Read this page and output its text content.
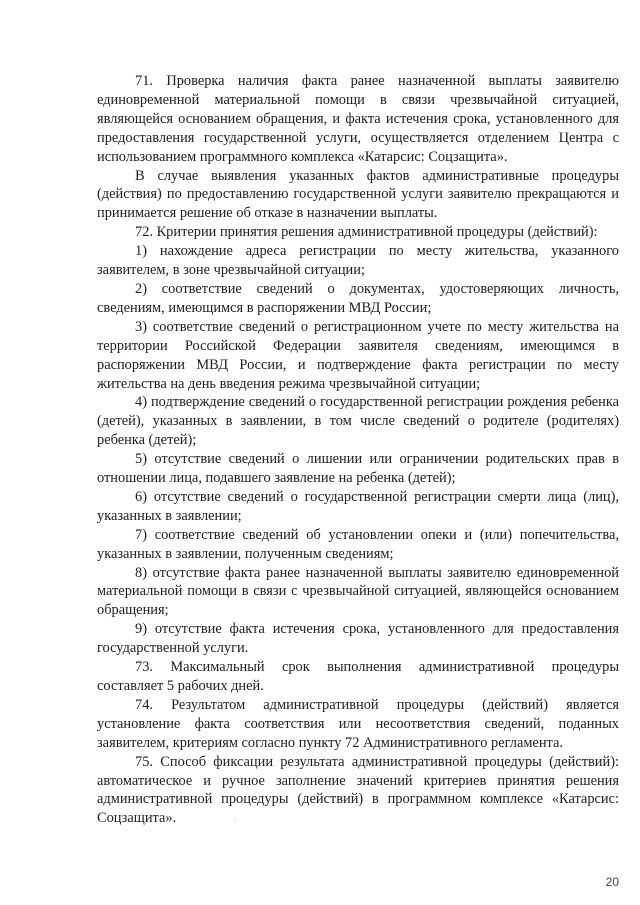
71. Проверка наличия факта ранее назначенной выплаты заявителю единовременной материальной помощи в связи чрезвычайной ситуацией, являющейся основанием обращения, и факта истечения срока, установленного для предоставления государственной услуги, осуществляется отделением Центра с использованием программного комплекса «Катарсис: Соцзащита».

В случае выявления указанных фактов административные процедуры (действия) по предоставлению государственной услуги заявителю прекращаются и принимается решение об отказе в назначении выплаты.

72. Критерии принятия решения административной процедуры (действий):

1) нахождение адреса регистрации по месту жительства, указанного заявителем, в зоне чрезвычайной ситуации;

2) соответствие сведений о документах, удостоверяющих личность, сведениям, имеющимся в распоряжении МВД России;

3) соответствие сведений о регистрационном учете по месту жительства на территории Российской Федерации заявителя сведениям, имеющимся в распоряжении МВД России, и подтверждение факта регистрации по месту жительства на день введения режима чрезвычайной ситуации;

4) подтверждение сведений о государственной регистрации рождения ребенка (детей), указанных в заявлении, в том числе сведений о родителе (родителях) ребенка (детей);

5) отсутствие сведений о лишении или ограничении родительских прав в отношении лица, подавшего заявление на ребенка (детей);

6) отсутствие сведений о государственной регистрации смерти лица (лиц), указанных в заявлении;

7) соответствие сведений об установлении опеки и (или) попечительства, указанных в заявлении, полученным сведениям;

8) отсутствие факта ранее назначенной выплаты заявителю единовременной материальной помощи в связи с чрезвычайной ситуацией, являющейся основанием обращения;

9) отсутствие факта истечения срока, установленного для предоставления государственной услуги.

73. Максимальный срок выполнения административной процедуры составляет 5 рабочих дней.

74. Результатом административной процедуры (действий) является установление факта соответствия или несоответствия сведений, поданных заявителем, критериям согласно пункту 72 Административного регламента.

75. Способ фиксации результата административной процедуры (действий): автоматическое и ручное заполнение значений критериев принятия решения административной процедуры (действий) в программном комплексе «Катарсис: Соцзащита».

20
